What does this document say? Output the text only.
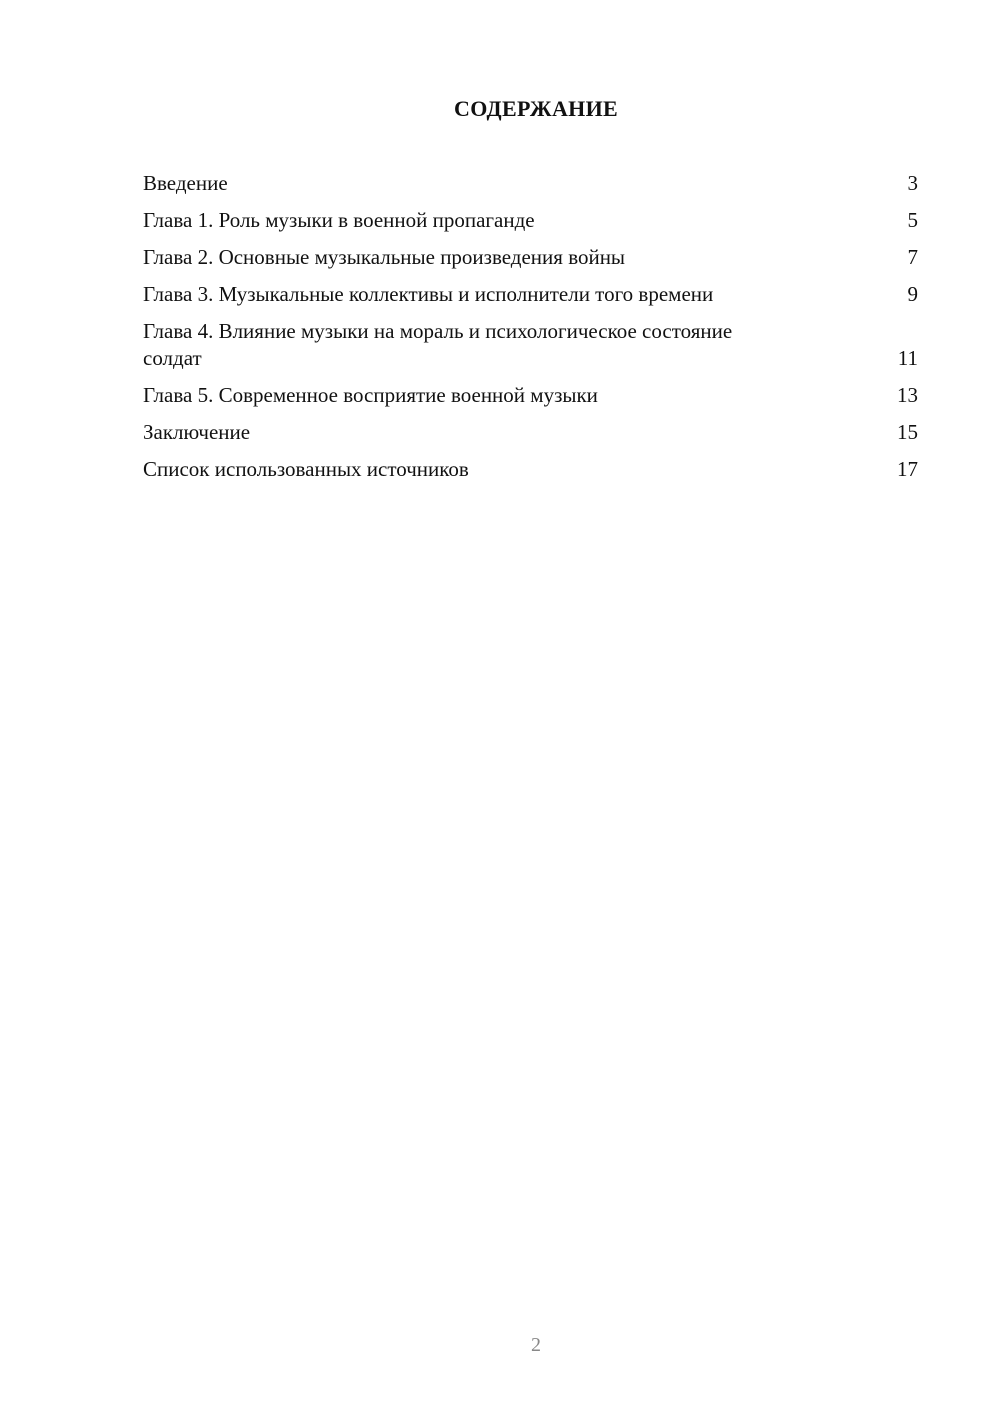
СОДЕРЖАНИЕ
Введение	3
Глава 1. Роль музыки в военной пропаганде	5
Глава 2. Основные музыкальные произведения войны	7
Глава 3. Музыкальные коллективы и исполнители того времени	9
Глава 4. Влияние музыки на мораль и психологическое состояние солдат	11
Глава 5. Современное восприятие военной музыки	13
Заключение	15
Список использованных источников	17

2
